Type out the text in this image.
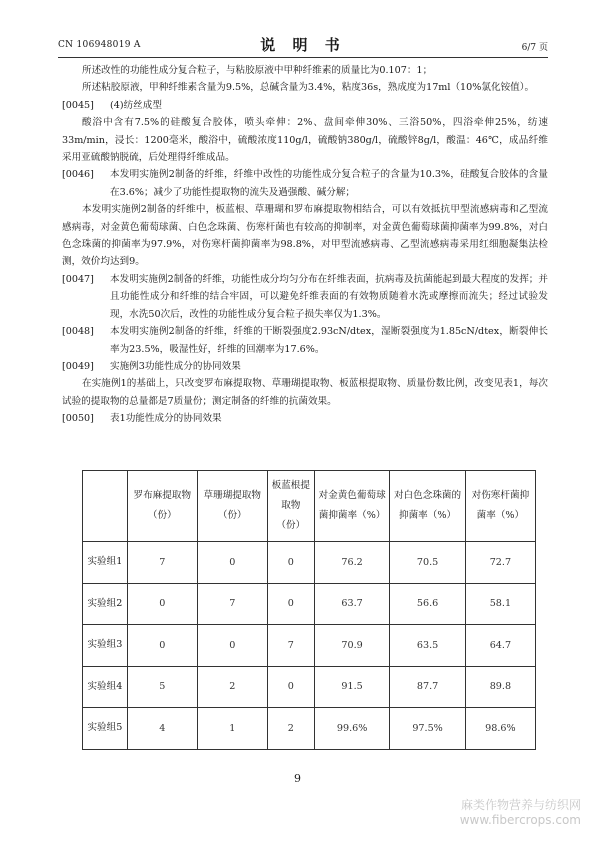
CN 106948019 A	说 明 书	6/7 页

所述改性的功能性成分复合粒子，与粘胶原液中甲种纤维素的质量比为0.107：1；

所述粘胶原液，甲种纤维素含量为9.5%，总碱含量为3.4%，粘度36s，熟成度为17ml（10%氯化铵值）。

[0045]	(4)纺丝成型

酸浴中含有7.5%的硅酸复合胶体，喷头牵伸：2%、盘间牵伸30%、三浴50%，四浴牵伸25%，纺速33m/min，浸长：1200毫米，酸浴中，硫酸浓度110g/l，硫酸钠380g/l，硫酸锌8g/l，酸温：46℃，成品纤维采用亚硫酸钠脱硫，后处理得纤维成品。

[0046]	本发明实施例2制备的纤维，纤维中改性的功能性成分复合粒子的含量为10.3%，硅酸复合胶体的含量在3.6%；减少了功能性提取物的流失及過强酸、碱分解；

本发明实施例2制备的纤维中，板蓝根、草珊瑚和罗布麻提取物相结合，可以有效抵抗甲型流感病毒和乙型流感病毒，对金黄色葡萄球菌、白色念珠菌、伤寒杆菌也有较高的抑制率，对金黄色葡萄球菌抑菌率为99.8%，对白色念珠菌的抑菌率为97.9%，对伤寒杆菌抑菌率为98.8%，对甲型流感病毒、乙型流感病毒采用红细胞凝集法检测，效价均达到9。

[0047]	本发明实施例2制备的纤维，功能性成分均匀分布在纤维表面，抗病毒及抗菌能起到最大程度的发挥；并且功能性成分和纤维的结合牢固，可以避免纤维表面的有效物质随着水洗或摩擦而流失；经过试验发现，水洗50次后，改性的功能性成分复合粒子损失率仅为1.3%。

[0048]	本发明实施例2制备的纤维，纤维的干断裂强度2.93cN/dtex，湿断裂强度为1.85cN/dtex，断裂伸长率为23.5%，吸湿性好，纤维的回潮率为17.6%。

[0049]	实施例3功能性成分的协同效果

在实施例1的基础上，只改变罗布麻提取物、草珊瑚提取物、板蓝根提取物、质量份数比例，改变见表1，每次试验的提取物的总量都是7质量份；测定制备的纤维的抗菌效果。

[0050]	表1功能性成分的协同效果

	罗布麻提取物（份）	草珊瑚提取物（份）	板蓝根提取物（份）	对金黄色葡萄球菌抑菌率（%）	对白色念珠菌的抑菌率（%）	对伤寒杆菌抑菌率（%）
实验组1	7	0	0	76.2	70.5	72.7
实验组2	0	7	0	63.7	56.6	58.1
实验组3	0	0	7	70.9	63.5	64.7
实验组4	5	2	0	91.5	87.7	89.8
实验组5	4	1	2	99.6%	97.5%	98.6%
9
麻类作物营养与纺织网
www.fibercrops.com
